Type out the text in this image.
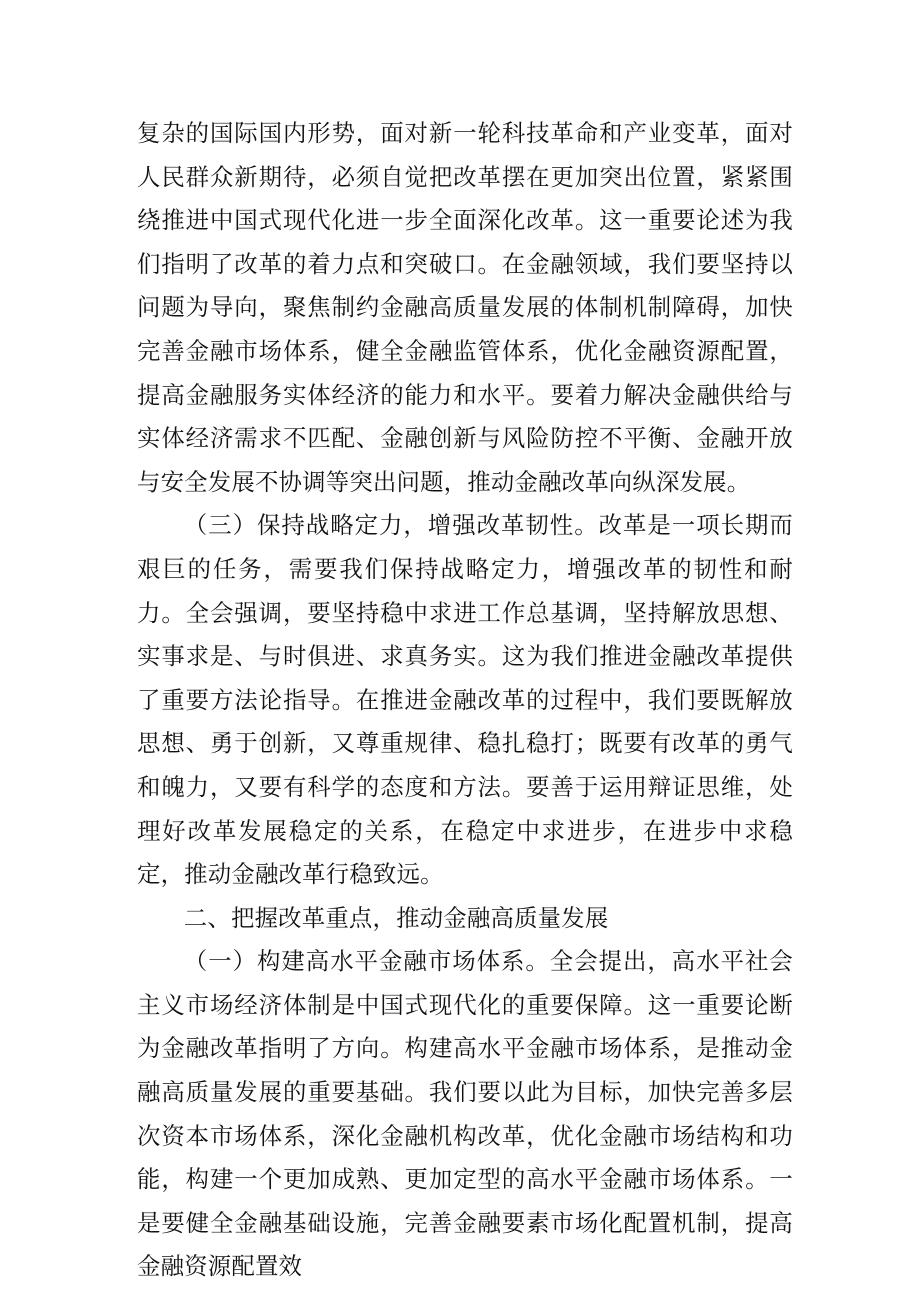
复杂的国际国内形势，面对新一轮科技革命和产业变革，面对人民群众新期待，必须自觉把改革摆在更加突出位置，紧紧围绕推进中国式现代化进一步全面深化改革。这一重要论述为我们指明了改革的着力点和突破口。在金融领域，我们要坚持以问题为导向，聚焦制约金融高质量发展的体制机制障碍，加快完善金融市场体系，健全金融监管体系，优化金融资源配置，提高金融服务实体经济的能力和水平。要着力解决金融供给与实体经济需求不匹配、金融创新与风险防控不平衡、金融开放与安全发展不协调等突出问题，推动金融改革向纵深发展。

（三）保持战略定力，增强改革韧性。改革是一项长期而艰巨的任务，需要我们保持战略定力，增强改革的韧性和耐力。全会强调，要坚持稳中求进工作总基调，坚持解放思想、实事求是、与时俱进、求真务实。这为我们推进金融改革提供了重要方法论指导。在推进金融改革的过程中，我们要既解放思想、勇于创新，又尊重规律、稳扎稳打；既要有改革的勇气和魄力，又要有科学的态度和方法。要善于运用辩证思维，处理好改革发展稳定的关系，在稳定中求进步，在进步中求稳定，推动金融改革行稳致远。

二、把握改革重点，推动金融高质量发展

（一）构建高水平金融市场体系。全会提出，高水平社会主义市场经济体制是中国式现代化的重要保障。这一重要论断为金融改革指明了方向。构建高水平金融市场体系，是推动金融高质量发展的重要基础。我们要以此为目标，加快完善多层次资本市场体系，深化金融机构改革，优化金融市场结构和功能，构建一个更加成熟、更加定型的高水平金融市场体系。一是要健全金融基础设施，完善金融要素市场化配置机制，提高金融资源配置效
